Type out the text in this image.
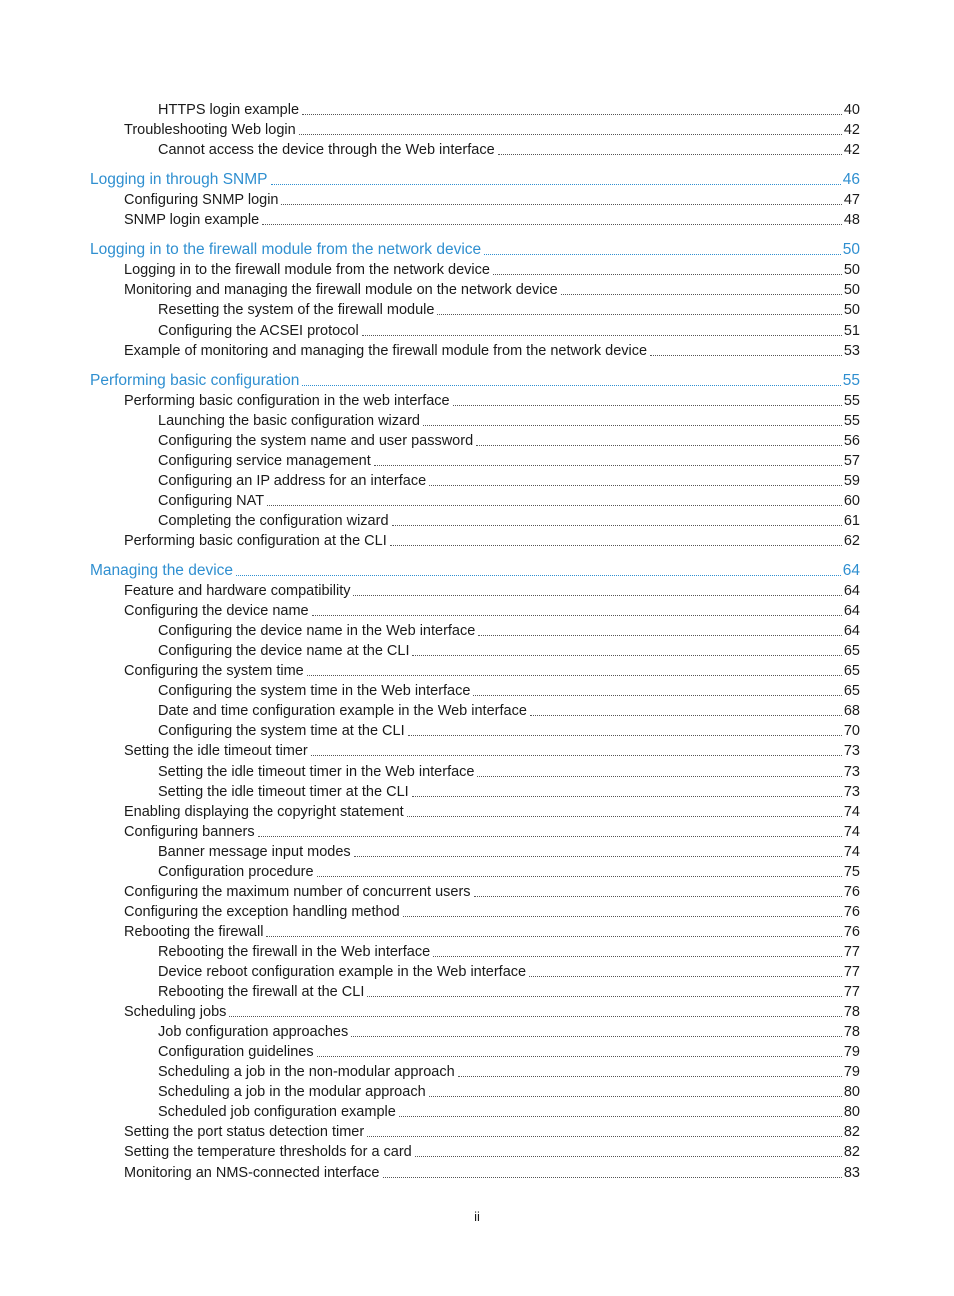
HTTPS login example	40
Troubleshooting Web login	42
Cannot access the device through the Web interface	42
Logging in through SNMP	46
Configuring SNMP login	47
SNMP login example	48
Logging in to the firewall module from the network device	50
Logging in to the firewall module from the network device	50
Monitoring and managing the firewall module on the network device	50
Resetting the system of the firewall module	50
Configuring the ACSEI protocol	51
Example of monitoring and managing the firewall module from the network device	53
Performing basic configuration	55
Performing basic configuration in the web interface	55
Launching the basic configuration wizard	55
Configuring the system name and user password	56
Configuring service management	57
Configuring an IP address for an interface	59
Configuring NAT	60
Completing the configuration wizard	61
Performing basic configuration at the CLI	62
Managing the device	64
Feature and hardware compatibility	64
Configuring the device name	64
Configuring the device name in the Web interface	64
Configuring the device name at the CLI	65
Configuring the system time	65
Configuring the system time in the Web interface	65
Date and time configuration example in the Web interface	68
Configuring the system time at the CLI	70
Setting the idle timeout timer	73
Setting the idle timeout timer in the Web interface	73
Setting the idle timeout timer at the CLI	73
Enabling displaying the copyright statement	74
Configuring banners	74
Banner message input modes	74
Configuration procedure	75
Configuring the maximum number of concurrent users	76
Configuring the exception handling method	76
Rebooting the firewall	76
Rebooting the firewall in the Web interface	77
Device reboot configuration example in the Web interface	77
Rebooting the firewall at the CLI	77
Scheduling jobs	78
Job configuration approaches	78
Configuration guidelines	79
Scheduling a job in the non-modular approach	79
Scheduling a job in the modular approach	80
Scheduled job configuration example	80
Setting the port status detection timer	82
Setting the temperature thresholds for a card	82
Monitoring an NMS-connected interface	83
ii
